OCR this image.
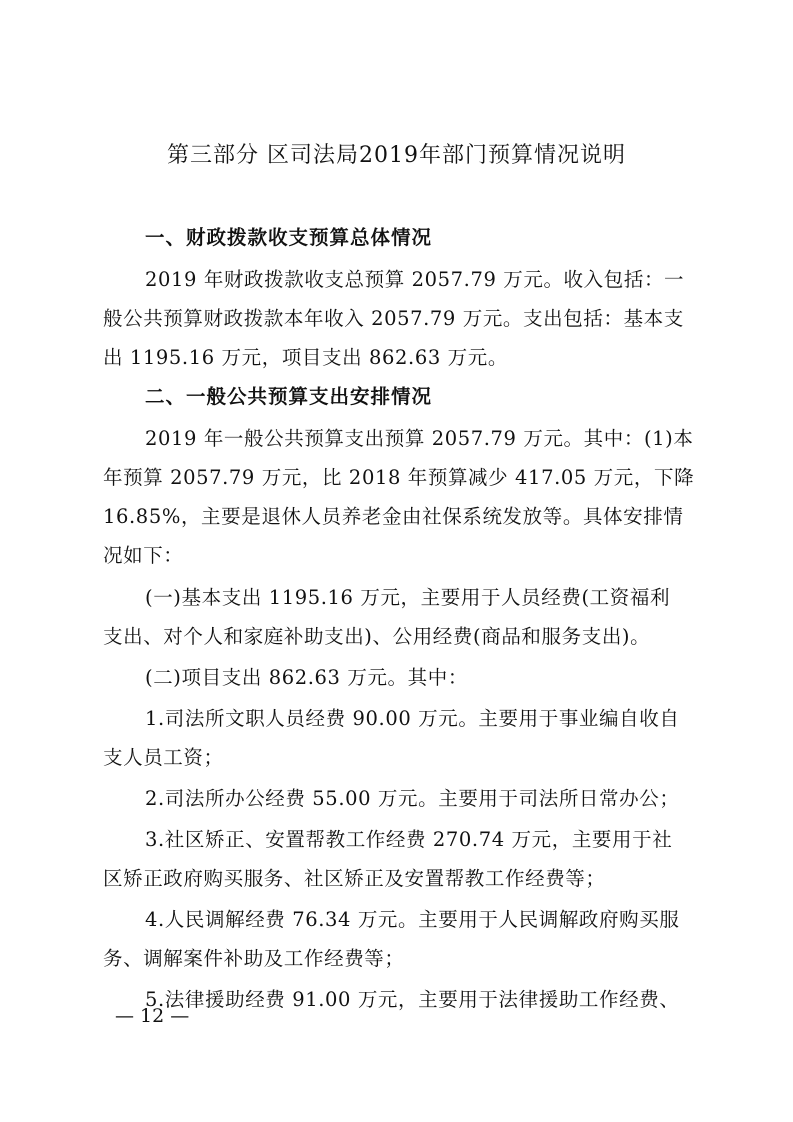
第三部分 区司法局2019年部门预算情况说明
一、财政拨款收支预算总体情况
2019 年财政拨款收支总预算 2057.79 万元。收入包括：一
般公共预算财政拨款本年收入 2057.79 万元。支出包括：基本支
出 1195.16 万元，项目支出 862.63 万元。
二、一般公共预算支出安排情况
2019 年一般公共预算支出预算 2057.79 万元。其中：(1)本
年预算 2057.79 万元，比 2018 年预算减少 417.05 万元，下降
16.85%，主要是退休人员养老金由社保系统发放等。具体安排情
况如下：
(一)基本支出 1195.16 万元，主要用于人员经费(工资福利
支出、对个人和家庭补助支出)、公用经费(商品和服务支出)。
(二)项目支出 862.63 万元。其中：
1.司法所文职人员经费 90.00 万元。主要用于事业编自收自
支人员工资；
2.司法所办公经费 55.00 万元。主要用于司法所日常办公；
3.社区矫正、安置帮教工作经费 270.74 万元，主要用于社
区矫正政府购买服务、社区矫正及安置帮教工作经费等；
4.人民调解经费 76.34 万元。主要用于人民调解政府购买服
务、调解案件补助及工作经费等；
5.法律援助经费 91.00 万元，主要用于法律援助工作经费、
— 12 —
